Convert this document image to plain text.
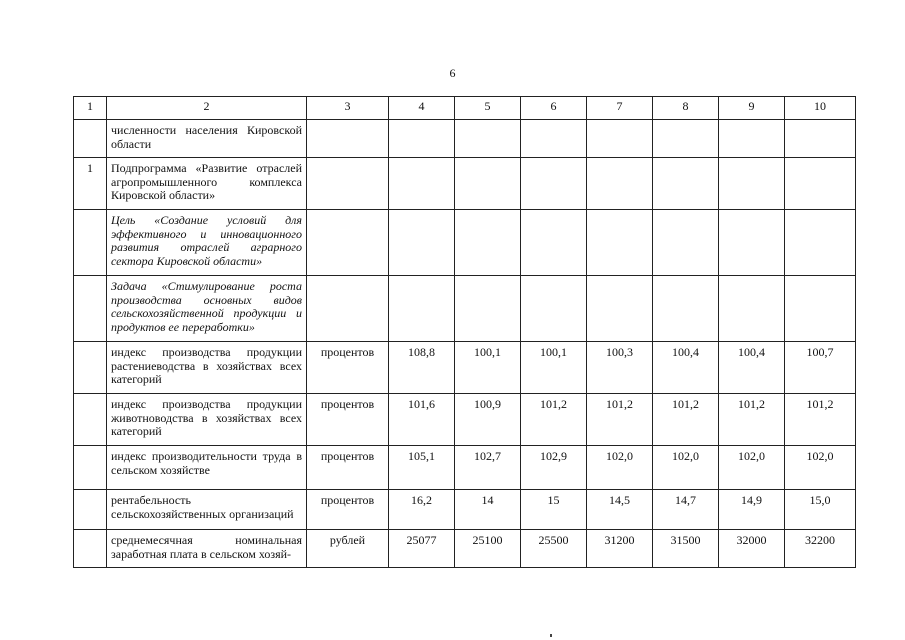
6
1	2	3	4	5	6	7	8	9	10
	численности населения Кировской области								
1	Подпрограмма «Развитие отраслей агропромышленного комплекса Кировской области»								
	Цель «Создание условий для эффективного и инновационного развития отраслей аграрного сектора Кировской области»								
	Задача «Стимулирование роста производства основных видов сельскохозяйственной продукции и продуктов ее переработки»								
	индекс производства продукции растениеводства в хозяйствах всех категорий	процентов	108,8	100,1	100,1	100,3	100,4	100,4	100,7
	индекс производства продукции животноводства в хозяйствах всех категорий	процентов	101,6	100,9	101,2	101,2	101,2	101,2	101,2
	индекс производительности труда в сельском хозяйстве	процентов	105,1	102,7	102,9	102,0	102,0	102,0	102,0
	рентабельность сельскохозяйственных организаций	процентов	16,2	14	15	14,5	14,7	14,9	15,0
	среднемесячная номинальная заработная плата в сельском хозяй-	рублей	25077	25100	25500	31200	31500	32000	32200
